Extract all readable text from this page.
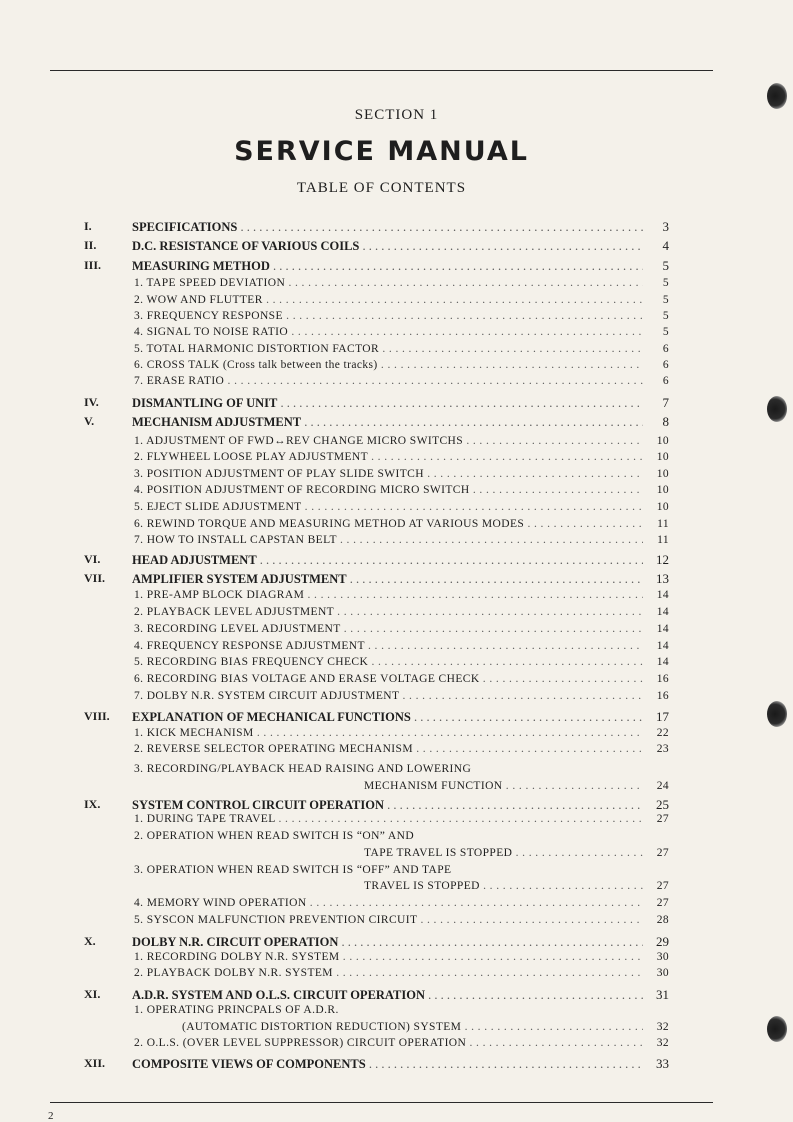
SECTION 1
SERVICE MANUAL
TABLE OF CONTENTS
I.	SPECIFICATIONS . . .	3
II.	D.C. RESISTANCE OF VARIOUS COILS . . .	4
III.	MEASURING METHOD . . .	5
1. TAPE SPEED DEVIATION . . .	5
2. WOW AND FLUTTER . . .	5
3. FREQUENCY RESPONSE . . .	5
4. SIGNAL TO NOISE RATIO . . .	5
5. TOTAL HARMONIC DISTORTION FACTOR . . .	6
6. CROSS TALK (Cross talk between the tracks) . . .	6
7. ERASE RATIO . . .	6
IV.	DISMANTLING OF UNIT . . .	7
V.	MECHANISM ADJUSTMENT . . .	8
1. ADJUSTMENT OF FWD↔REV CHANGE MICRO SWITCHS . . .	10
2. FLYWHEEL LOOSE PLAY ADJUSTMENT . . .	10
3. POSITION ADJUSTMENT OF PLAY SLIDE SWITCH . . .	10
4. POSITION ADJUSTMENT OF RECORDING MICRO SWITCH . . .	10
5. EJECT SLIDE ADJUSTMENT . . .	10
6. REWIND TORQUE AND MEASURING METHOD AT VARIOUS MODES . . .	11
7. HOW TO INSTALL CAPSTAN BELT . . .	11
VI.	HEAD ADJUSTMENT . . .	12
VII.	AMPLIFIER SYSTEM ADJUSTMENT . . .	13
1. PRE-AMP BLOCK DIAGRAM . . .	14
2. PLAYBACK LEVEL ADJUSTMENT . . .	14
3. RECORDING LEVEL ADJUSTMENT . . .	14
4. FREQUENCY RESPONSE ADJUSTMENT . . .	14
5. RECORDING BIAS FREQUENCY CHECK . . .	14
6. RECORDING BIAS VOLTAGE AND ERASE VOLTAGE CHECK . . .	16
7. DOLBY N.R. SYSTEM CIRCUIT ADJUSTMENT . . .	16
VIII.	EXPLANATION OF MECHANICAL FUNCTIONS . . .	17
1. KICK MECHANISM . . .	22
2. REVERSE SELECTOR OPERATING MECHANISM . . .	23
3. RECORDING/PLAYBACK HEAD RAISING AND LOWERING
MECHANISM FUNCTION . . .	24
IX.	SYSTEM CONTROL CIRCUIT OPERATION . . .	25
1. DURING TAPE TRAVEL . . .	27
2. OPERATION WHEN READ SWITCH IS “ON” AND
TAPE TRAVEL IS STOPPED . . .	27
3. OPERATION WHEN READ SWITCH IS “OFF” AND TAPE
TRAVEL IS STOPPED . . .	27
4. MEMORY WIND OPERATION . . .	27
5. SYSCON MALFUNCTION PREVENTION CIRCUIT . . .	28
X.	DOLBY N.R. CIRCUIT OPERATION . . .	29
1. RECORDING DOLBY N.R. SYSTEM . . .	30
2. PLAYBACK DOLBY N.R. SYSTEM . . .	30
XI.	A.D.R. SYSTEM AND O.L.S. CIRCUIT OPERATION . . .	31
1. OPERATING PRINCPALS OF A.D.R.
(AUTOMATIC DISTORTION REDUCTION) SYSTEM . . .	32
2. O.L.S. (OVER LEVEL SUPPRESSOR) CIRCUIT OPERATION . . .	32
XII.	COMPOSITE VIEWS OF COMPONENTS . . .	33
2
